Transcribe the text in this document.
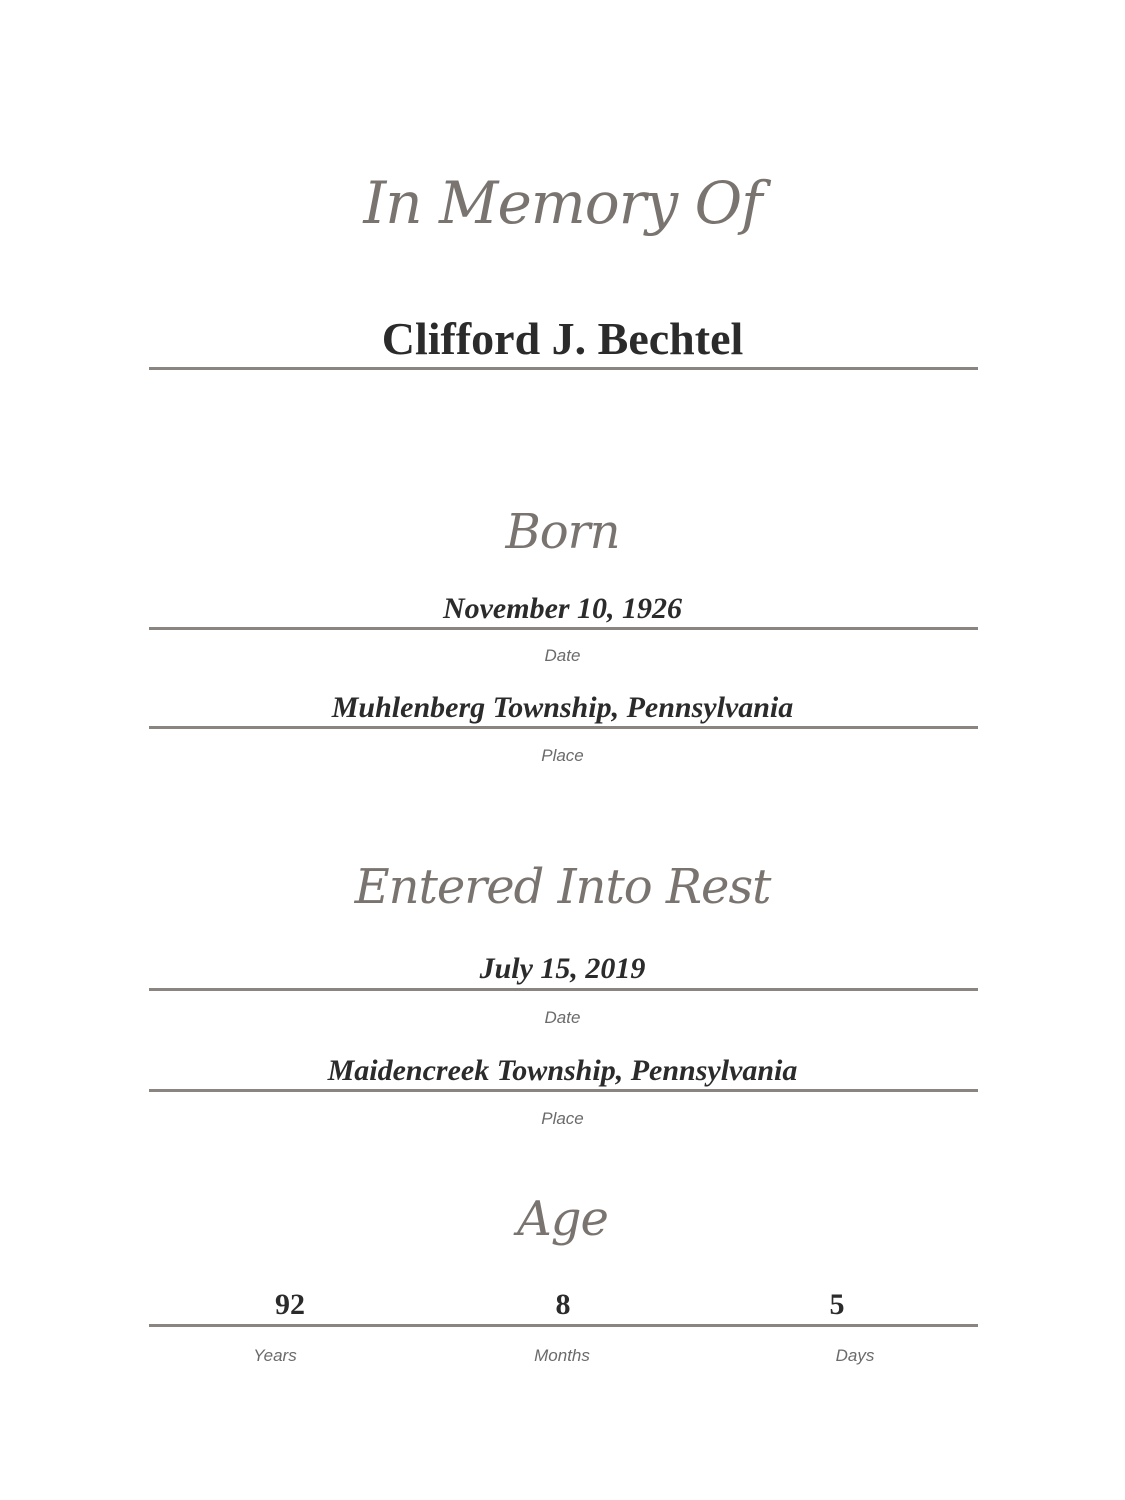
In Memory Of
Clifford J. Bechtel
Born
November 10, 1926
Date
Muhlenberg Township, Pennsylvania
Place
Entered Into Rest
July 15, 2019
Date
Maidencreek Township, Pennsylvania
Place
Age
92	8	5
Years	Months	Days
